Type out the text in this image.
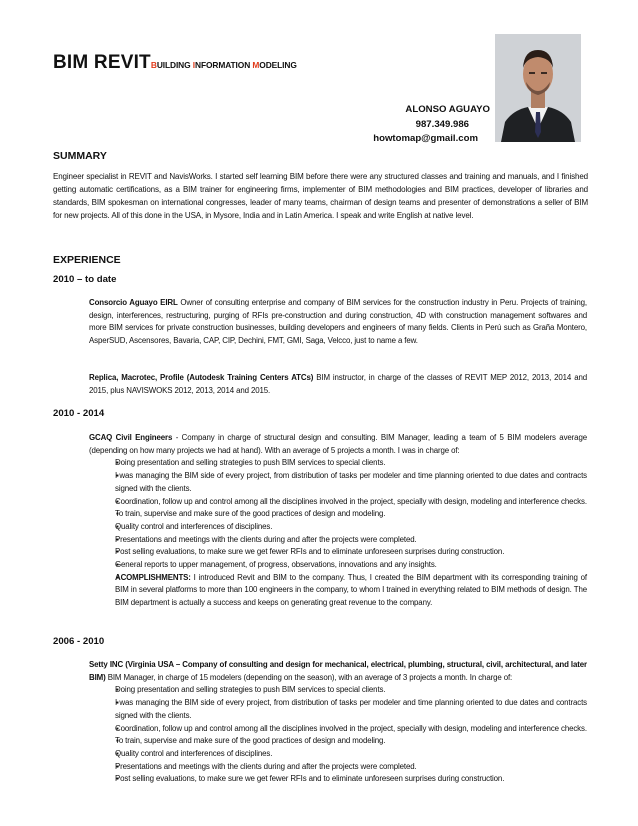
BIM REVITBUILDING INFORMATION MODELING
ALONSO AGUAYO
987.349.986
howtomap@gmail.com
SUMMARY
Engineer specialist in REVIT and NavisWorks. I started self learning BIM before there were any structured classes and training and manuals, and I finished getting automatic certifications, as a BIM trainer for engineering firms, implementer of BIM methodologies and BIM practices, developer of libraries and standards, BIM spokesman on international congresses, leader of many teams, chairman of design teams and presenter of demonstrations a seller of BIM for new projects. All of this done in the USA, in Mysore, India and in Latin America. I speak and write English at native level.
EXPERIENCE
2010 – to date
Consorcio Aguayo EIRL Owner of consulting enterprise and company of BIM services for the construction industry in Peru. Projects of training, design, interferences, restructuring, purging of RFIs pre-construction and during construction, 4D with construction management softwares and more BIM services for private construction businesses, building developers and engineers of many fields. Clients in Perú such as Graña Montero, AsperSUD, Ascensores, Bavaria, CAP, CIP, Dechini, FMT, GMI, Saga, Velcco, just to name a few.
Replica, Macrotec, Profile (Autodesk Training Centers ATCs) BIM instructor, in charge of the classes of REVIT MEP 2012, 2013, 2014 and 2015, plus NAVISWOKS 2012, 2013, 2014 and 2015.
2010 - 2014
GCAQ Civil Engineers - Company in charge of structural design and consulting. BIM Manager, leading a team of 5 BIM modelers average (depending on how many projects we had at hand). With an average of 5 projects a month. I was in charge of:
▪ Doing presentation and selling strategies to push BIM services to special clients.
▪ I was managing the BIM side of every project, from distribution of tasks per modeler and time planning oriented to due dates and contracts signed with the clients.
▪ Coordination, follow up and control among all the disciplines involved in the project, specially with design, modeling and interference checks.
▪ To train, supervise and make sure of the good practices of design and modeling.
▪ Quality control and interferences of disciplines.
▪ Presentations and meetings with the clients during and after the projects were completed.
▪ Post selling evaluations, to make sure we get fewer RFIs and to eliminate unforeseen surprises during construction.
▪ General reports to upper management, of progress, observations, innovations and any insights.
▪ ACOMPLISHMENTS: I introduced Revit and BIM to the company. Thus, I created the BIM department with its corresponding training of BIM in several platforms to more than 100 engineers in the company, to whom I trained in everything related to BIM methods of design. The BIM department is actually a success and keeps on generating great revenue to the company.
2006 - 2010
Setty INC (Virginia USA – Company of consulting and design for mechanical, electrical, plumbing, structural, civil, architectural, and later BIM) BIM Manager, in charge of 15 modelers (depending on the season), with an average of 3 projects a month. In charge of:
▪ Doing presentation and selling strategies to push BIM services to special clients.
▪ I was managing the BIM side of every project, from distribution of tasks per modeler and time planning oriented to due dates and contracts signed with the clients.
▪ Coordination, follow up and control among all the disciplines involved in the project, specially with design, modeling and interference checks.
▪ To train, supervise and make sure of the good practices of design and modeling.
▪ Quality control and interferences of disciplines.
▪ Presentations and meetings with the clients during and after the projects were completed.
▪ Post selling evaluations, to make sure we get fewer RFIs and to eliminate unforeseen surprises during construction.
